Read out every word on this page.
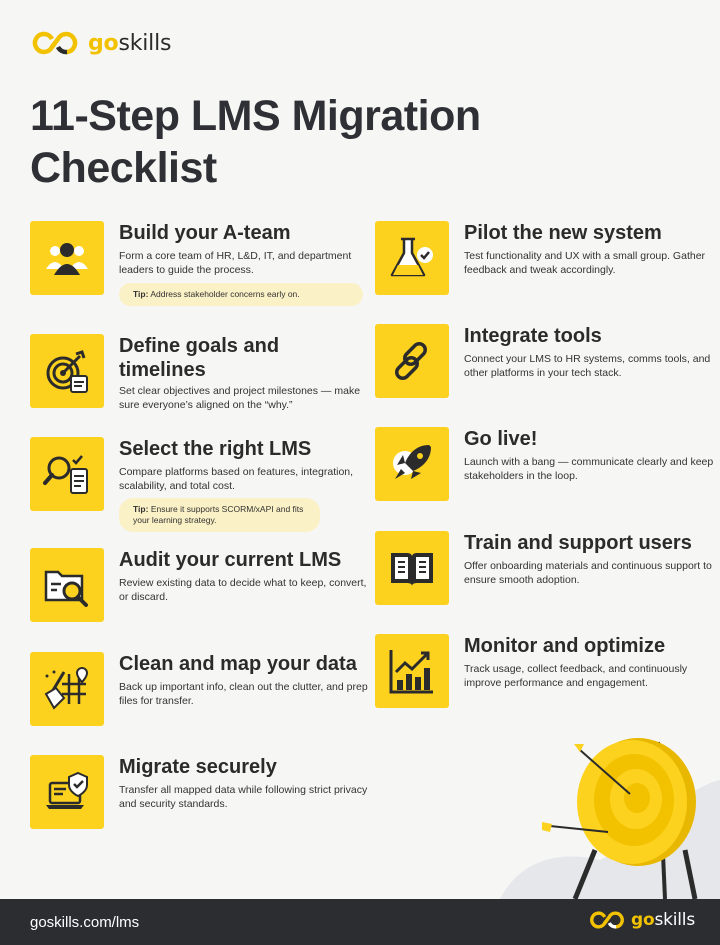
goskills
11-Step LMS Migration
Checklist
Build your A-team
Form a core team of HR, L&D, IT, and department leaders to guide the process.
Tip: Address stakeholder concerns early on.
Define goals and timelines
Set clear objectives and project milestones — make sure everyone’s aligned on the “why.”
Select the right LMS
Compare platforms based on features, integration, scalability, and total cost.
Tip: Ensure it supports SCORM/xAPI and fits your learning strategy.
Audit your current LMS
Review existing data to decide what to keep, convert, or discard.
Clean and map your data
Back up important info, clean out the clutter, and prep files for transfer.
Migrate securely
Transfer all mapped data while following strict privacy and security standards.
Pilot the new system
Test functionality and UX with a small group. Gather feedback and tweak accordingly.
Integrate tools
Connect your LMS to HR systems, comms tools, and other platforms in your tech stack.
Go live!
Launch with a bang — communicate clearly and keep stakeholders in the loop.
Train and support users
Offer onboarding materials and continuous support to ensure smooth adoption.
Monitor and optimize
Track usage, collect feedback, and continuously improve performance and engagement.
goskills.com/lms	goskills
